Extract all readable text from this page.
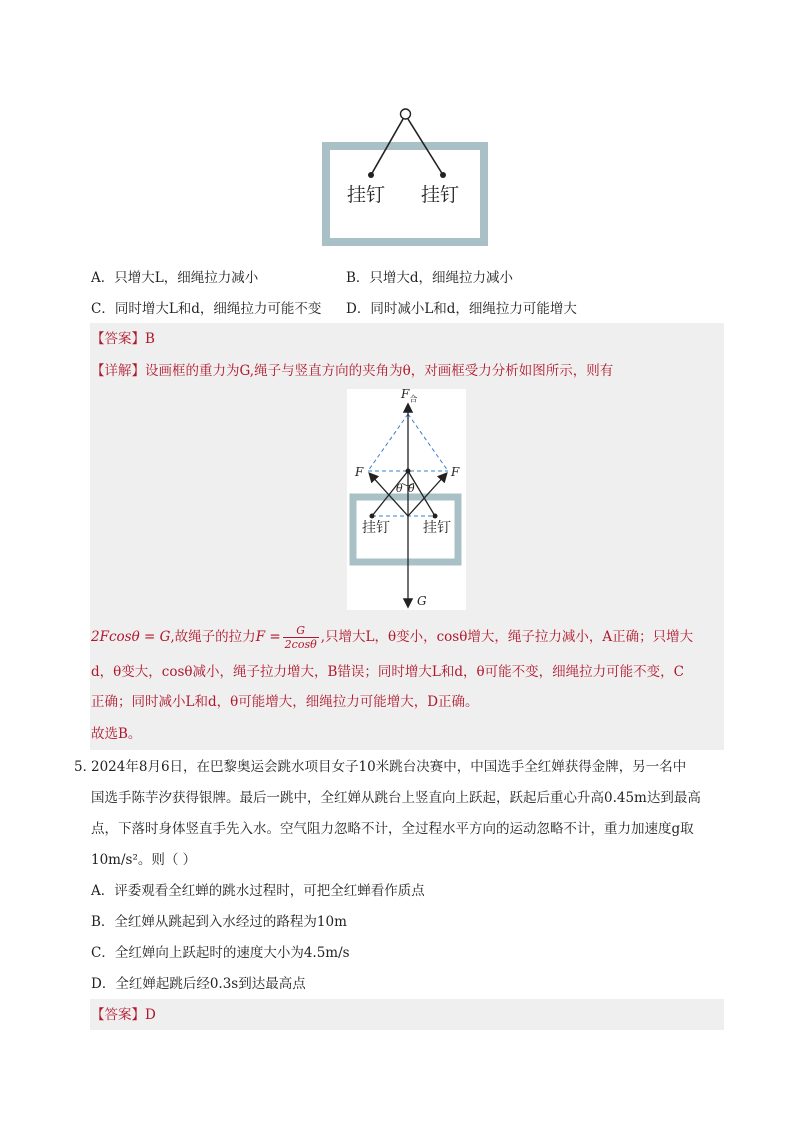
挂钉 挂钉
A．只增大L，细绳拉力减小	B．只增大d，细绳拉力减小
C．同时增大L和d，细绳拉力可能不变 D．同时减小L和d，细绳拉力可能增大
【答案】B
【详解】设画框的重力为G,绳子与竖直方向的夹角为θ，对画框受力分析如图所示，则有
$F_合$
F	F
θ θ
挂钉 挂钉
G
2Fcosθ = G,故绳子的拉力$F = \frac{G}{2\cos\theta}$ ,只增大L，θ变小，cosθ增大，绳子拉力减小，A正确；只增大
d，θ变大，cosθ减小，绳子拉力增大，B错误；同时增大L和d，θ可能不变，细绳拉力可能不变，C
正确；同时减小L和d，θ可能增大，细绳拉力可能增大，D正确。
故选B。
5．
2024年8月6日，在巴黎奥运会跳水项目女子10米跳台决赛中，中国选手全红婵获得金牌，另一名中
国选手陈芋汐获得银牌。最后一跳中，全红婵从跳台上竖直向上跃起，跃起后重心升高0.45m达到最高
点，下落时身体竖直手先入水。空气阻力忽略不计，全过程水平方向的运动忽略不计，重力加速度g取
10m/s²。则（ ）
A．评委观看全红蝉的跳水过程时，可把全红蝉看作质点
B．全红婵从跳起到入水经过的路程为10m
C．全红婵向上跃起时的速度大小为4.5m/s
D．全红婵起跳后经0.3s到达最高点
【答案】D
